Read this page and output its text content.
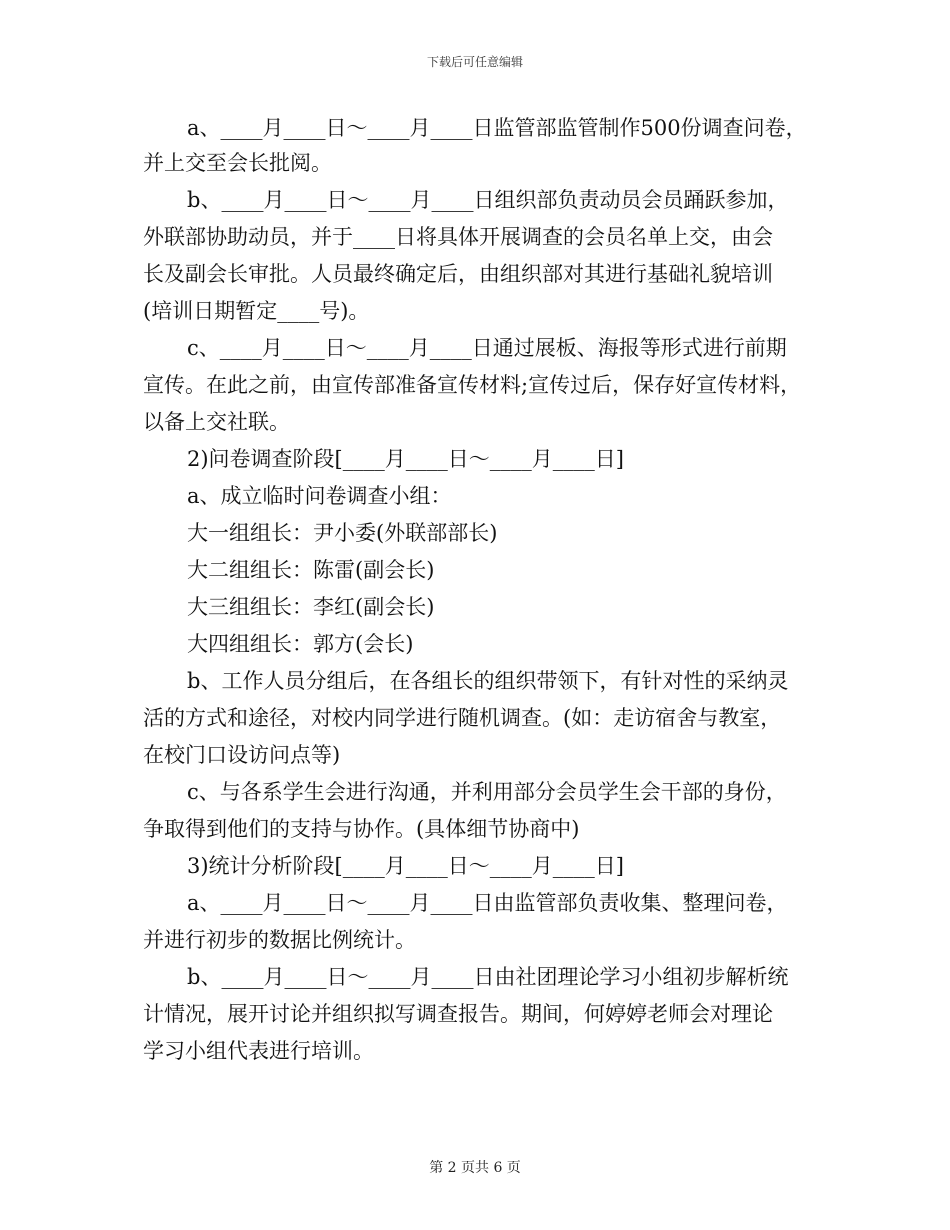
下载后可任意编辑
a、____月____日～____月____日监管部监管制作500份调查问卷，
并上交至会长批阅。
b、____月____日～____月____日组织部负责动员会员踊跃参加，
外联部协助动员，并于____日将具体开展调查的会员名单上交，由会
长及副会长审批。人员最终确定后，由组织部对其进行基础礼貌培训
(培训日期暂定____号)。
c、____月____日～____月____日通过展板、海报等形式进行前期
宣传。在此之前，由宣传部准备宣传材料;宣传过后，保存好宣传材料，
以备上交社联。
2)问卷调查阶段[____月____日～____月____日]
a、成立临时问卷调查小组：
大一组组长：尹小委(外联部部长)
大二组组长：陈雷(副会长)
大三组组长：李红(副会长)
大四组组长：郭方(会长)
b、工作人员分组后，在各组长的组织带领下，有针对性的采纳灵
活的方式和途径，对校内同学进行随机调查。(如：走访宿舍与教室，
在校门口设访问点等)
c、与各系学生会进行沟通，并利用部分会员学生会干部的身份，
争取得到他们的支持与协作。(具体细节协商中)
3)统计分析阶段[____月____日～____月____日]
a、____月____日～____月____日由监管部负责收集、整理问卷，
并进行初步的数据比例统计。
b、____月____日～____月____日由社团理论学习小组初步解析统
计情况，展开讨论并组织拟写调查报告。期间，何婷婷老师会对理论
学习小组代表进行培训。
第 2 页共 6 页
